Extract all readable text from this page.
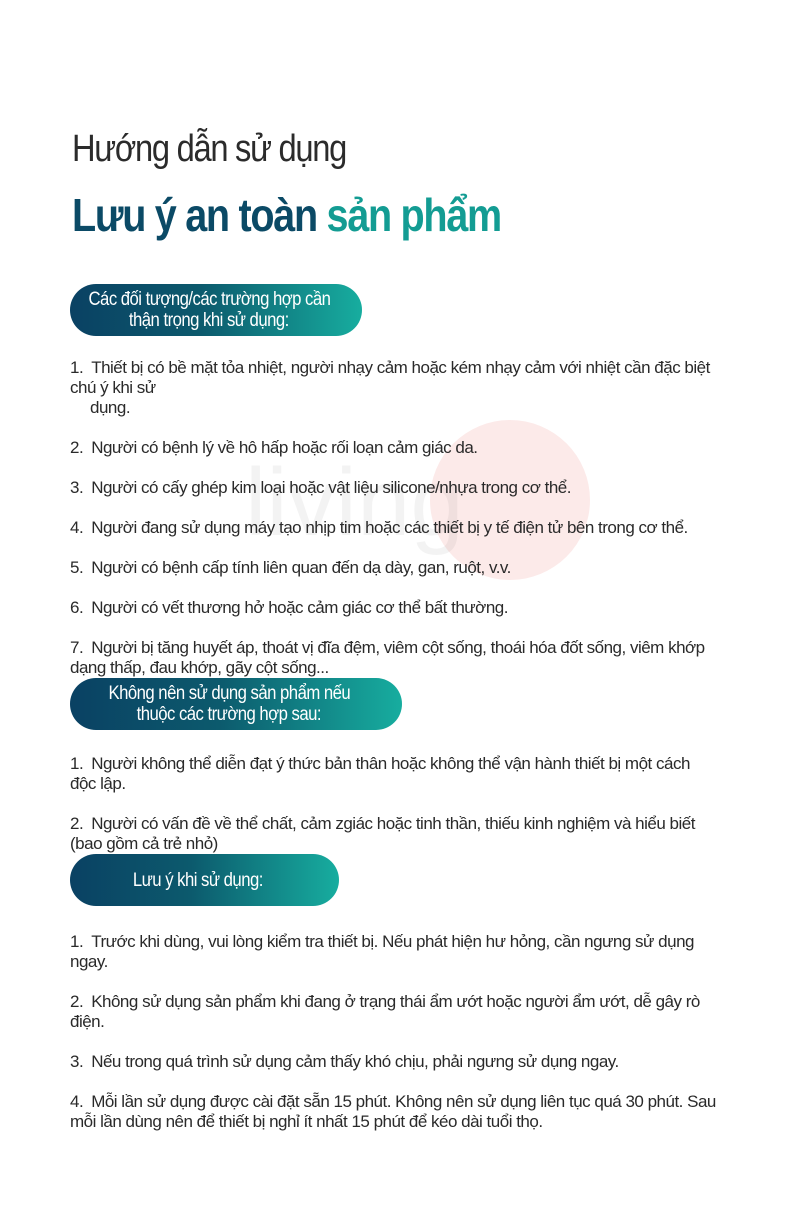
Hướng dẫn sử dụng
Lưu ý an toàn sản phẩm
Các đối tượng/các trường hợp cần
thận trọng khi sử dụng:
1. Thiết bị có bề mặt tỏa nhiệt, người nhạy cảm hoặc kém nhạy cảm với nhiệt cần đặc biệt chú ý khi sử
dụng.
2. Người có bệnh lý về hô hấp hoặc rối loạn cảm giác da.
3. Người có cấy ghép kim loại hoặc vật liệu silicone/nhựa trong cơ thể.
4. Người đang sử dụng máy tạo nhịp tim hoặc các thiết bị y tế điện tử bên trong cơ thể.
5. Người có bệnh cấp tính liên quan đến dạ dày, gan, ruột, v.v.
6. Người có vết thương hở hoặc cảm giác cơ thể bất thường.
7. Người bị tăng huyết áp, thoát vị đĩa đệm, viêm cột sống, thoái hóa đốt sống, viêm khớp dạng thấp, đau khớp, gãy cột sống...
Không nên sử dụng sản phẩm nếu
thuộc các trường hợp sau:
1. Người không thể diễn đạt ý thức bản thân hoặc không thể vận hành thiết bị một cách độc lập.
2. Người có vấn đề về thể chất, cảm zgiác hoặc tinh thần, thiếu kinh nghiệm và hiểu biết (bao gồm cả trẻ nhỏ)
Lưu ý khi sử dụng:
1. Trước khi dùng, vui lòng kiểm tra thiết bị. Nếu phát hiện hư hỏng, cần ngưng sử dụng ngay.
2. Không sử dụng sản phẩm khi đang ở trạng thái ẩm ướt hoặc người ẩm ướt, dễ gây rò điện.
3. Nếu trong quá trình sử dụng cảm thấy khó chịu, phải ngưng sử dụng ngay.
4. Mỗi lần sử dụng được cài đặt sẵn 15 phút. Không nên sử dụng liên tục quá 30 phút. Sau mỗi lần dùng nên để thiết bị nghỉ ít nhất 15 phút để kéo dài tuổi thọ.
